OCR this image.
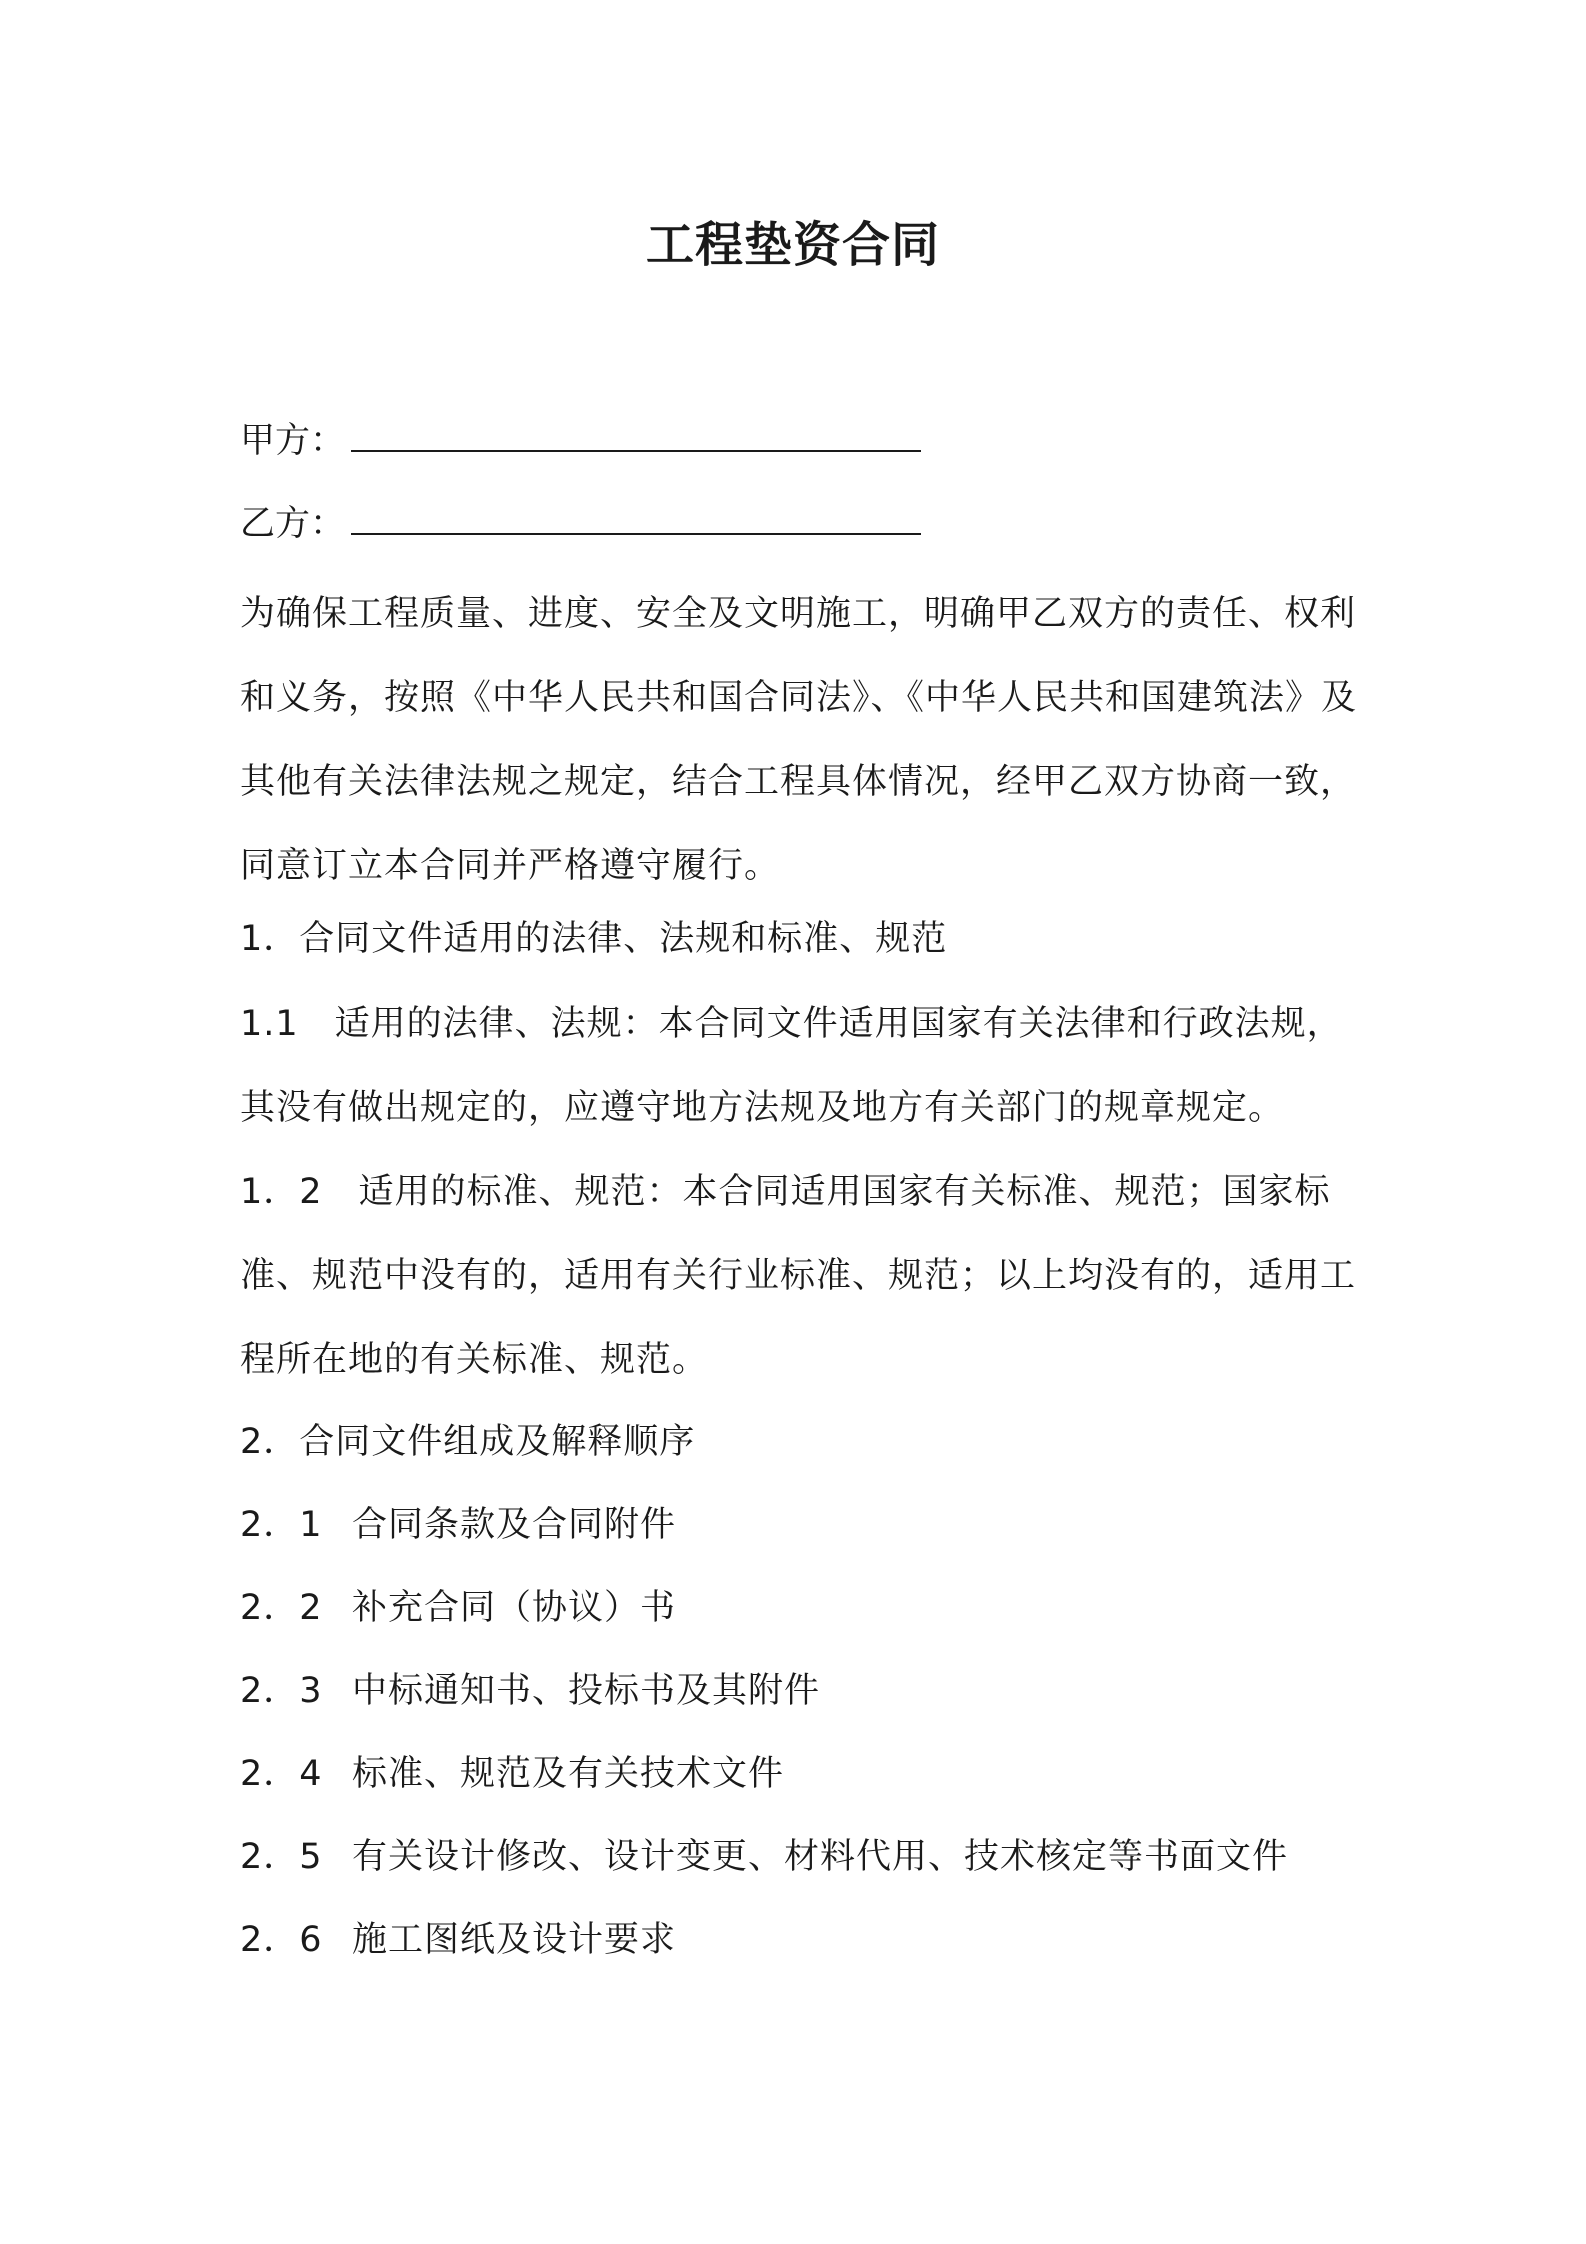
工程垫资合同
甲方：
乙方：
为确保工程质量、进度、安全及文明施工，明确甲乙双方的责任、权利和义务，按照《中华人民共和国合同法》、《中华人民共和国建筑法》及其他有关法律法规之规定，结合工程具体情况，经甲乙双方协商一致，同意订立本合同并严格遵守履行。
1．合同文件适用的法律、法规和标准、规范
1.1　适用的法律、法规：本合同文件适用国家有关法律和行政法规，其没有做出规定的，应遵守地方法规及地方有关部门的规章规定。
1．2　适用的标准、规范：本合同适用国家有关标准、规范；国家标准、规范中没有的，适用有关行业标准、规范；以上均没有的，适用工程所在地的有关标准、规范。
2．合同文件组成及解释顺序
2．1 合同条款及合同附件
2．2 补充合同（协议）书
2．3 中标通知书、投标书及其附件
2．4 标准、规范及有关技术文件
2．5 有关设计修改、设计变更、材料代用、技术核定等书面文件
2．6 施工图纸及设计要求
